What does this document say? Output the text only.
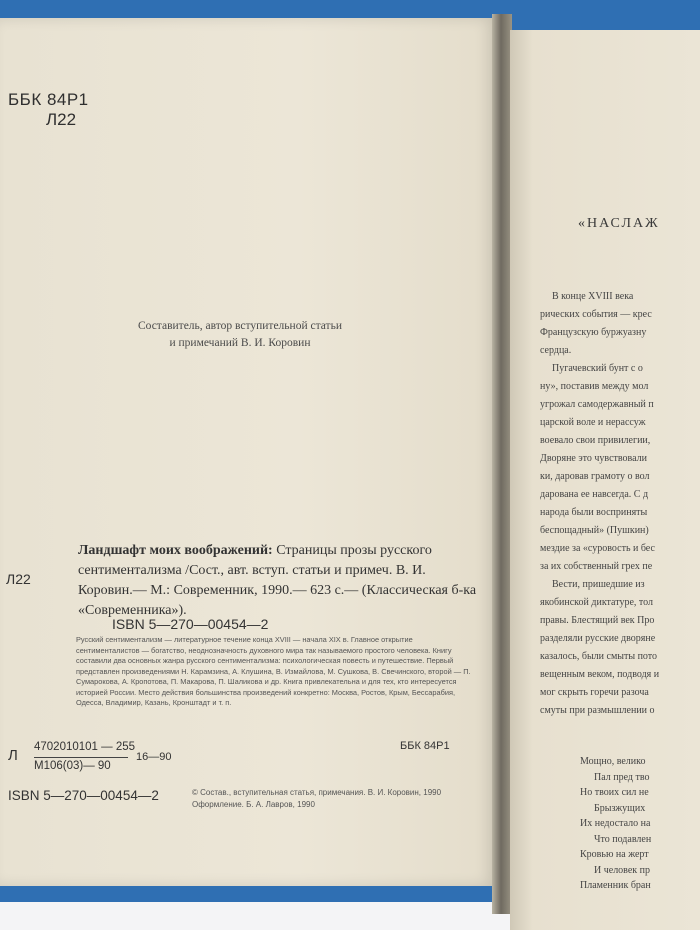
ББК 84Р1
Л22
Составитель, автор вступительной статьи
и примечаний В. И. Коровин
Л22
Ландшафт моих воображений: Страницы прозы русского сентиментализма /Сост., авт. вступ. статьи и примеч. В. И. Коровин.— М.: Современник, 1990.— 623 с.— (Классическая б-ка «Современника»).
ISBN 5—270—00454—2
Русский сентиментализм — литературное течение конца XVIII — начала XIX в. Главное открытие сентименталистов — богатство, неоднозначность духовного мира так называемого простого человека. Книгу составили два основных жанра русского сентиментализма: психологическая повесть и путешествие. Первый представлен произведениями Н. Карамзина, А. Клушина, В. Измайлова, М. Сушкова, В. Свечинского, второй — П. Сумарокова, А. Кропотова, П. Макарова, П. Шаликова и др. Книга привлекательна и для тех, кто интересуется историей России. Место действия большинства произведений конкретно: Москва, Ростов, Крым, Бессарабия, Одесса, Владимир, Казань, Кронштадт и т. п.
Л 4702010101 — 255
М106(03)— 90
16—90
ББК 84Р1
ISBN 5—270—00454—2	© Состав., вступительная статья, примечания. В. И. Коровин, 1990
Оформление. Б. А. Лавров, 1990
«НАСЛАЖ
В конце XVIII века
рических события — крес
Французскую буржуазну
сердца.
Пугачевский бунт с о
ну», поставив между мол
угрожал самодержавный п
царской воле и нерассуж
воевало свои привилегии,
Дворяне это чувствовали
ки, даровав грамоту о вол
дарована ее навсегда. С д
народа были восприняты
беспощадный» (Пушкин)
мездие за «суровость и бес
за их собственный грех пе
Вести, пришедшие из
якобинской диктатуре, тол
правы. Блестящий век Про
разделяли русские дворяне
казалось, были смыты пото
вещенным веком, подводя и
мог скрыть горечи разоча
смуты при размышлении о
Мощно, велико
Пал пред тво
Но твоих сил не
Брызжущих
Их недостало на
Что подавлен
Кровью на жерт
И человек пр
Пламенник бран
